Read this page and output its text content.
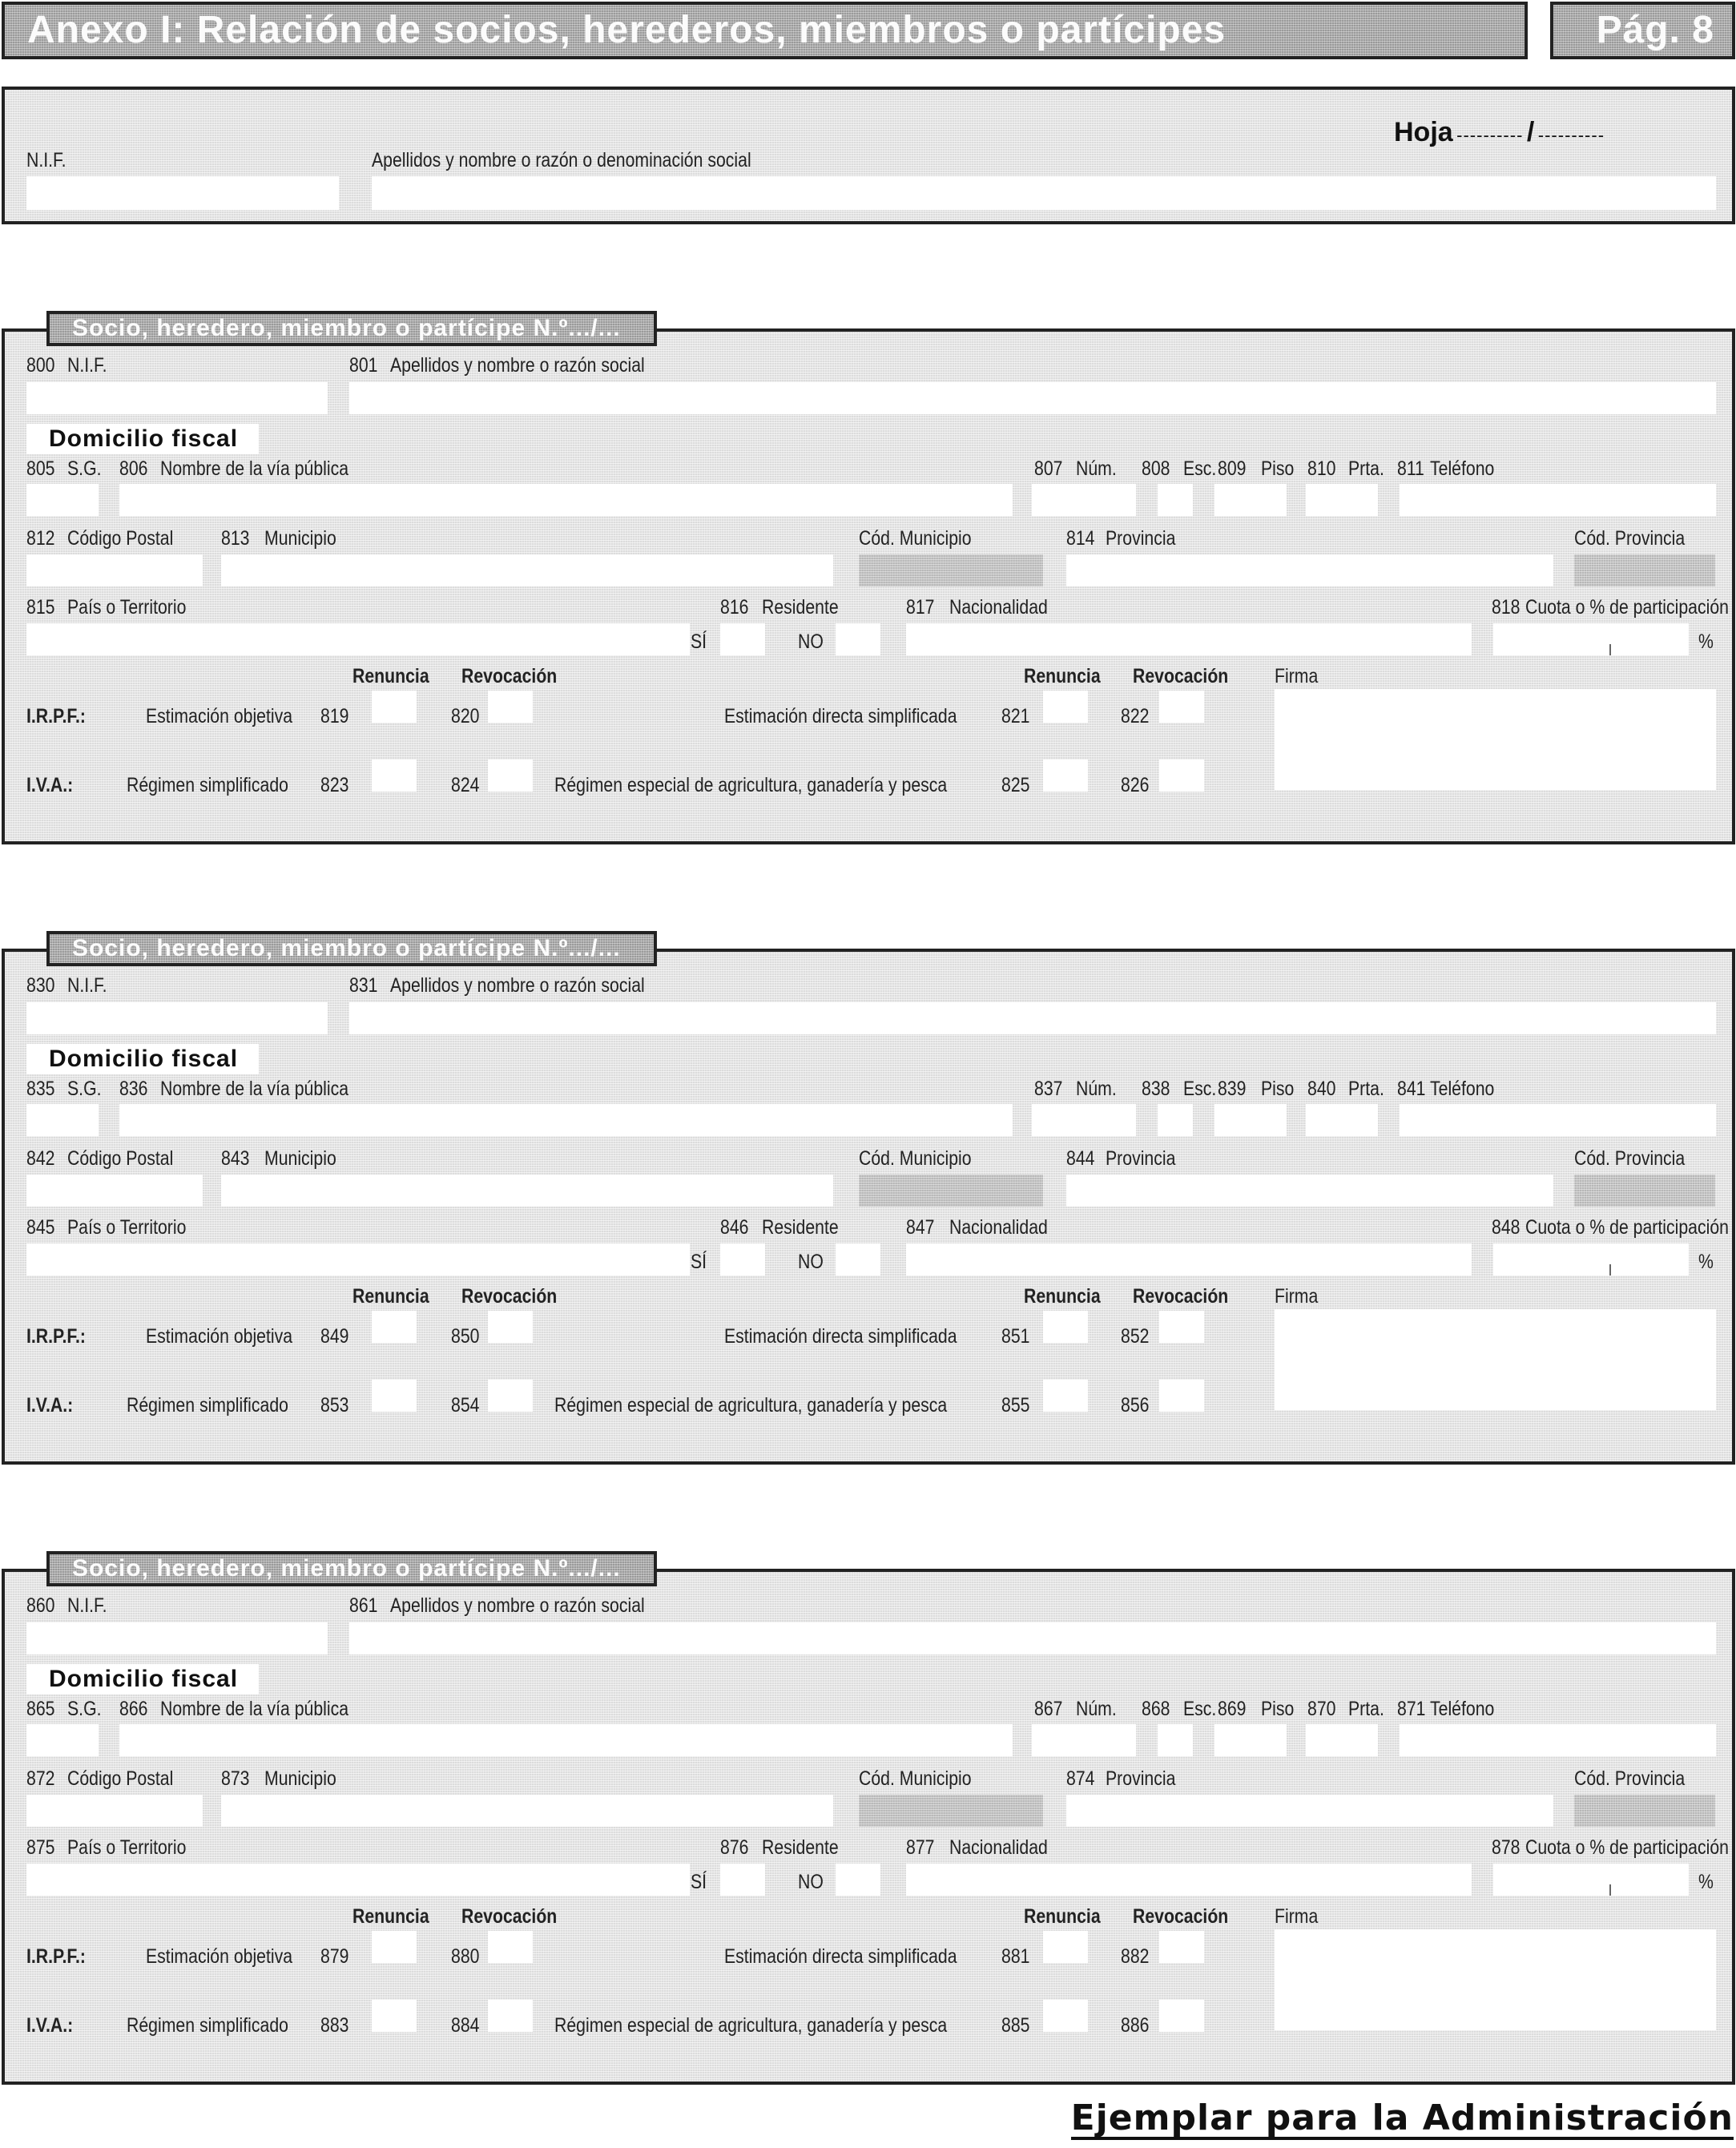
Anexo I: Relación de socios, herederos, miembros o partícipes	Pág. 8
Hoja ---------- / ----------
N.I.F.	Apellidos y nombre o razón o denominación social
800 N.I.F.	801 Apellidos y nombre o razón social
Domicilio fiscal
805 S.G. 806 Nombre de la vía pública	807 Núm. 808 Esc. 809 Piso 810 Prta. 811 Teléfono
812 Código Postal 813 Municipio	Cód. Municipio	814 Provincia	Cód. Provincia
815 País o Territorio	816 Residente	817 Nacionalidad	818 Cuota o % de participación
SÍ	NO	%
Renuncia Revocación	Renuncia Revocación Firma
I.R.P.F.:	Estimación objetiva 819	820	Estimación directa simplificada 821	822
I.V.A.:	Régimen simplificado 823	824	Régimen especial de agricultura, ganadería y pesca	825	826
Socio, heredero, miembro o partícipe N.º.../...
830 N.I.F.	831 Apellidos y nombre o razón social
Domicilio fiscal
835 S.G. 836 Nombre de la vía pública	837 Núm. 838 Esc. 839 Piso 840 Prta. 841 Teléfono
842 Código Postal 843 Municipio	Cód. Municipio	844 Provincia	Cód. Provincia
845 País o Territorio	846 Residente	847 Nacionalidad	848 Cuota o % de participación
SÍ	NO	%
Renuncia Revocación	Renuncia Revocación Firma
I.R.P.F.:	Estimación objetiva 849	850	Estimación directa simplificada 851	852
I.V.A.:	Régimen simplificado 853	854	Régimen especial de agricultura, ganadería y pesca	855	856
Socio, heredero, miembro o partícipe N.º.../...
860 N.I.F.	861 Apellidos y nombre o razón social
Domicilio fiscal
865 S.G. 866 Nombre de la vía pública	867 Núm. 868 Esc. 869 Piso 870 Prta. 871 Teléfono
872 Código Postal 873 Municipio	Cód. Municipio	874 Provincia	Cód. Provincia
875 País o Territorio	876 Residente	877 Nacionalidad	878 Cuota o % de participación
SÍ	NO	%
Renuncia Revocación	Renuncia Revocación Firma
I.R.P.F.:	Estimación objetiva 879	880	Estimación directa simplificada 881	882
I.V.A.:	Régimen simplificado 883	884	Régimen especial de agricultura, ganadería y pesca	885	886
Socio, heredero, miembro o partícipe N.º.../...
Ejemplar para la Administración
